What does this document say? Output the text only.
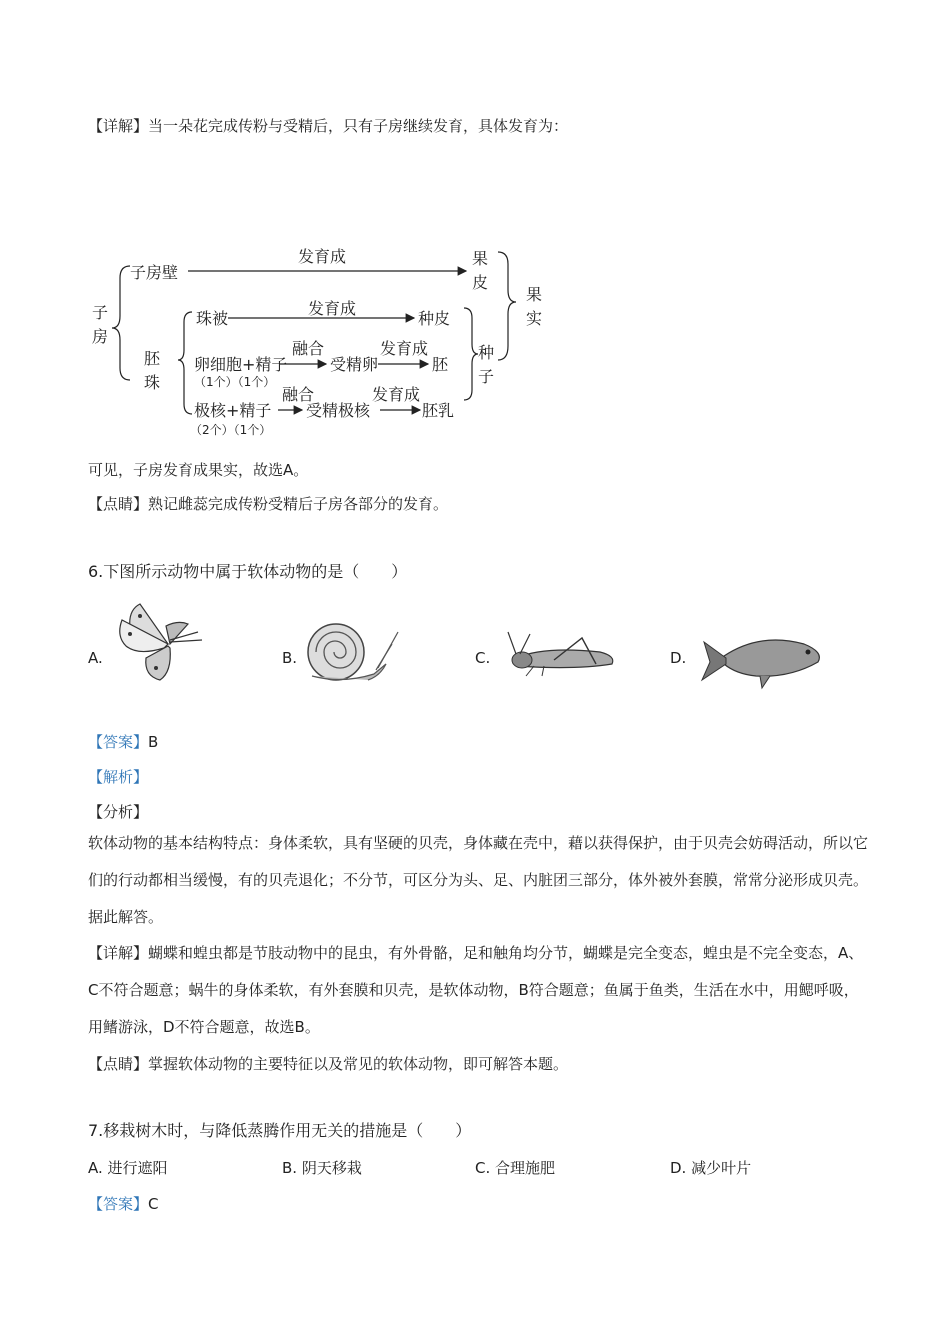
【详解】当一朵花完成传粉与受精后，只有子房继续发育，具体发育为：
子
房
子房壁
发育成	果
皮
果
实
胚
珠
珠被
发育成
种皮
种
子
卵细胞+精子
融合
受精卵
发育成
胚
极核+精子
融合
受精极核
发育成
胚乳
（1个）（1个）
（2个）（1个）
可见，子房发育成果实，故选A。
【点睛】熟记雌蕊完成传粉受精后子房各部分的发育。
6.下图所示动物中属于软体动物的是（　　）
A.	B.	C.	D.
【答案】B
【解析】
【分析】
软体动物的基本结构特点：身体柔软，具有坚硬的贝壳，身体藏在壳中，藉以获得保护，由于贝壳会妨碍活动，所以它们的行动都相当缓慢，有的贝壳退化；不分节，可区分为头、足、内脏团三部分，体外被外套膜，常常分泌形成贝壳。据此解答。
【详解】蝴蝶和蝗虫都是节肢动物中的昆虫，有外骨骼，足和触角均分节，蝴蝶是完全变态，蝗虫是不完全变态，A、C不符合题意；蜗牛的身体柔软，有外套膜和贝壳，是软体动物，B符合题意；鱼属于鱼类，生活在水中，用鳃呼吸，用鳍游泳，D不符合题意，故选B。
【点睛】掌握软体动物的主要特征以及常见的软体动物，即可解答本题。
7.移栽树木时，与降低蒸腾作用无关的措施是（　　）
A. 进行遮阳	B. 阴天移栽	C. 合理施肥	D. 减少叶片
【答案】C
